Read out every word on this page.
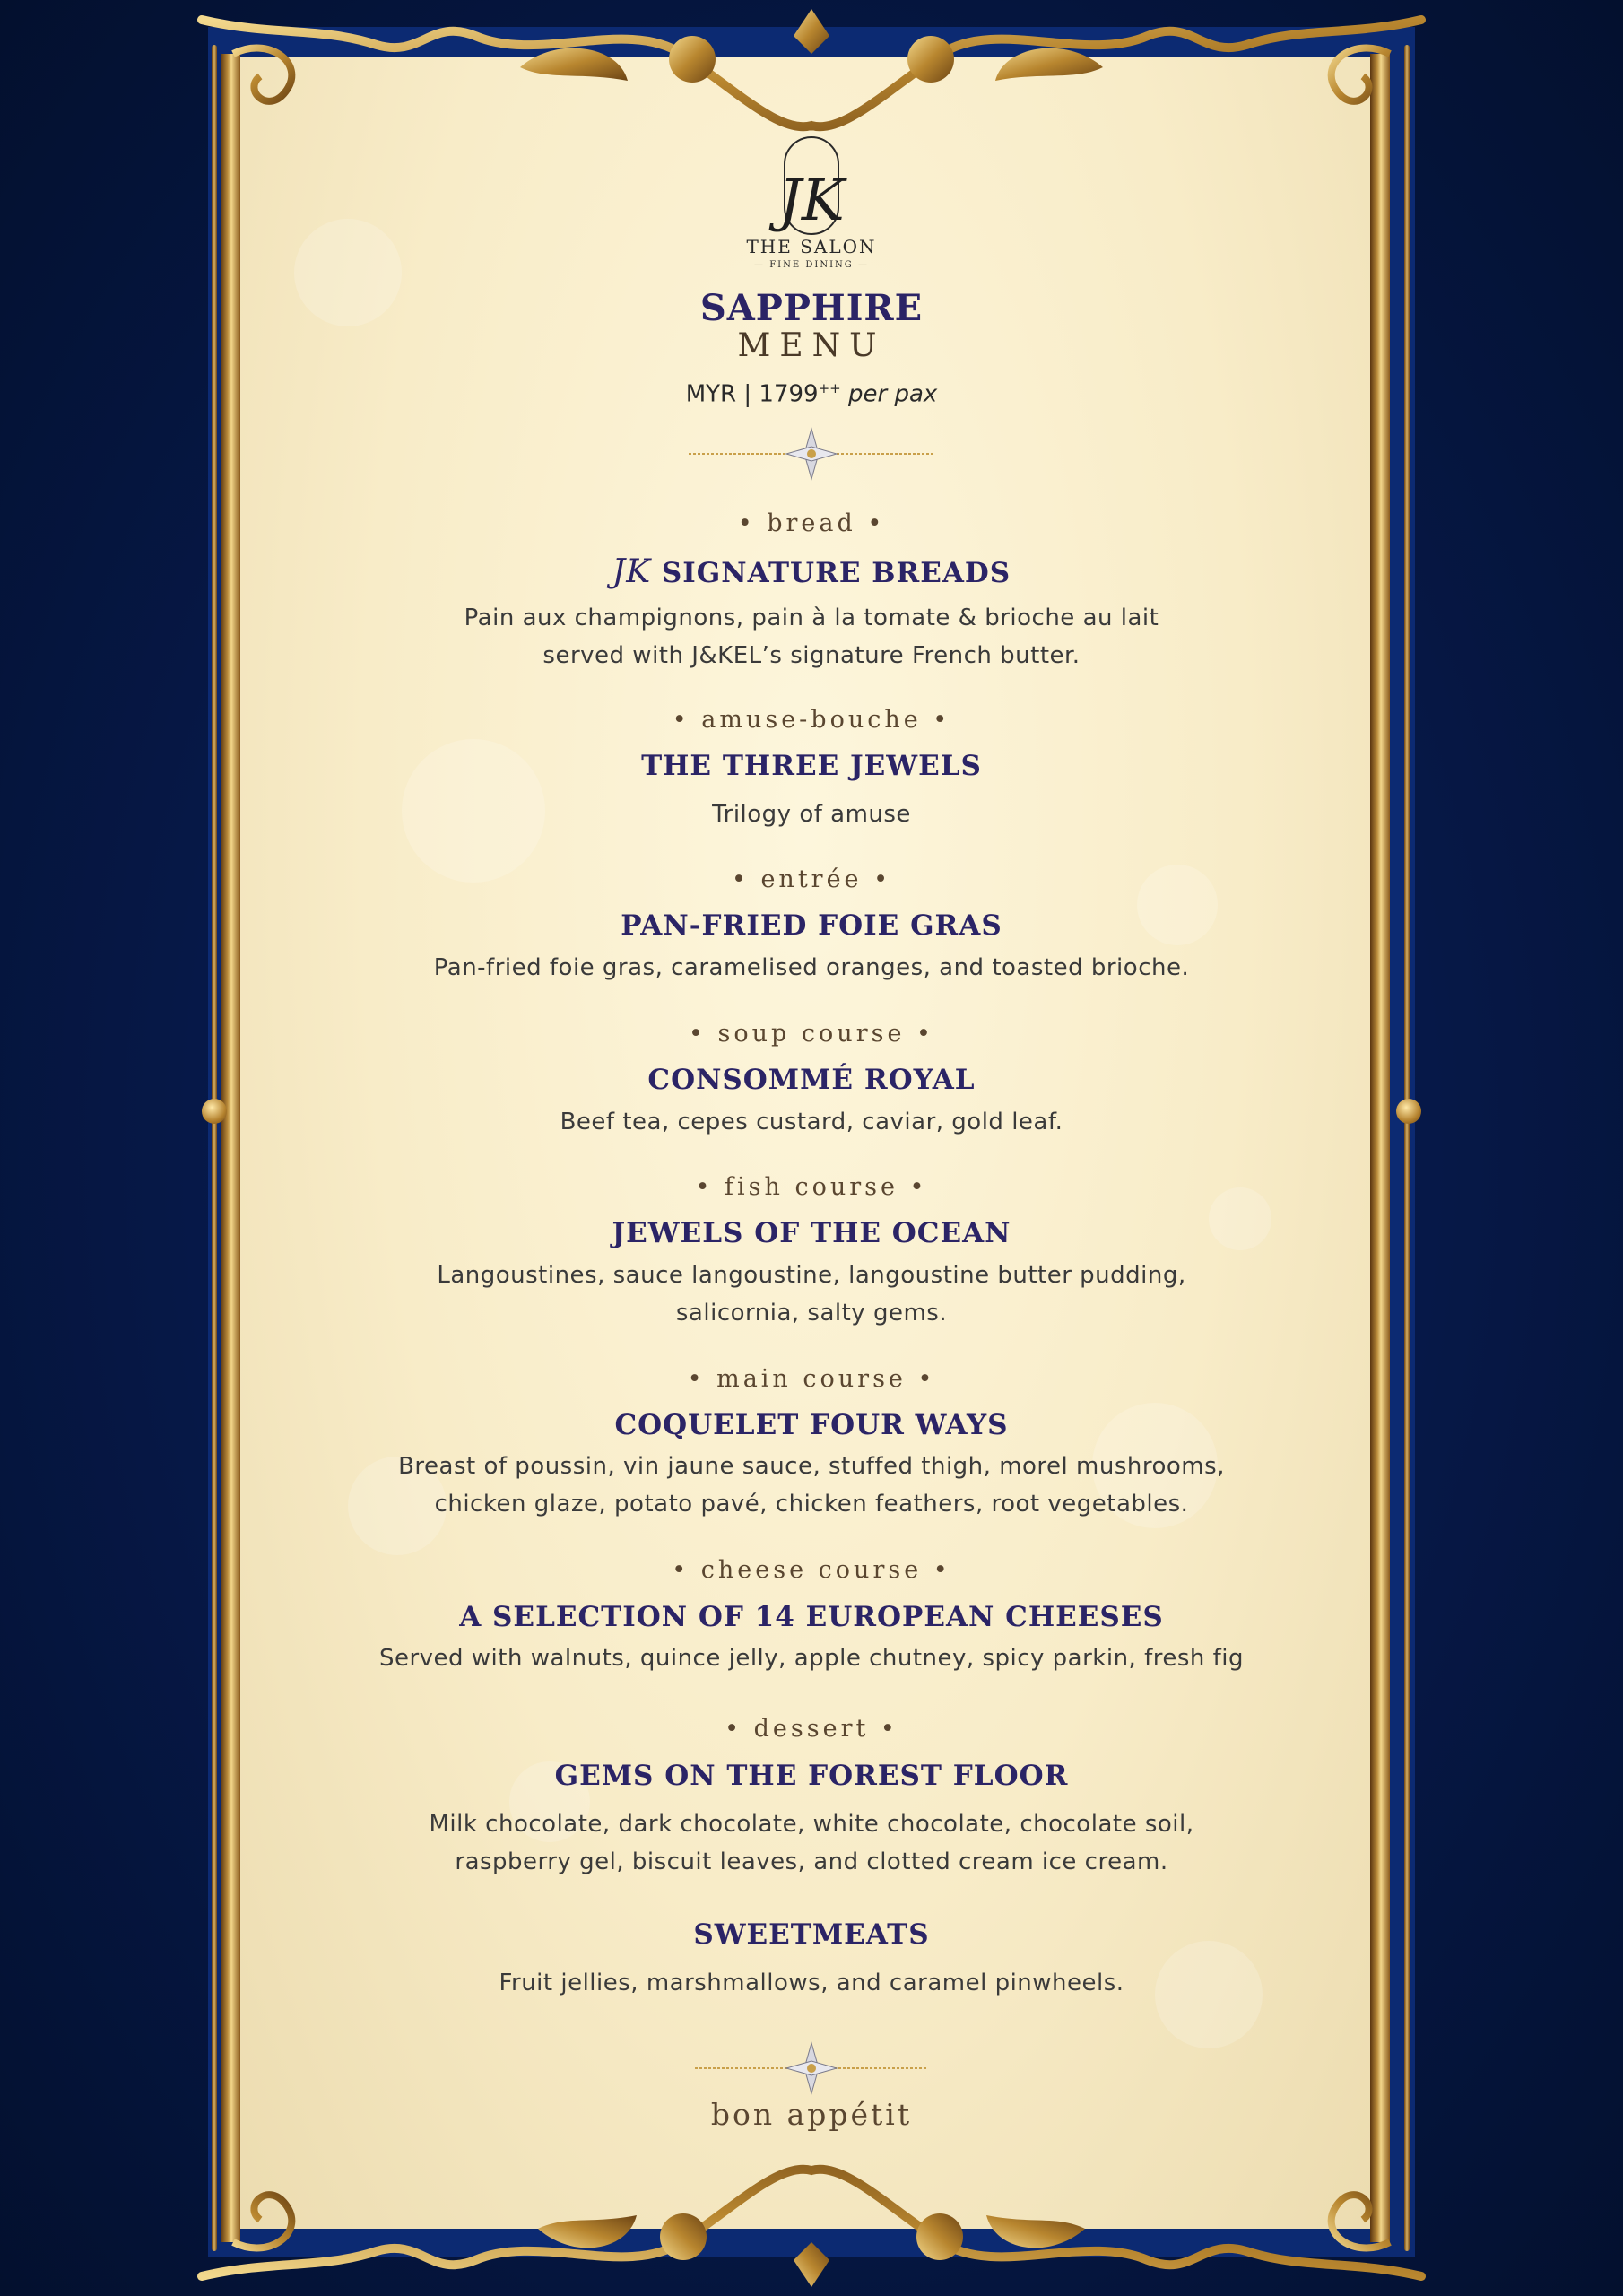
JK
THE SALON
— FINE DINING —
SAPPHIRE
MENU
MYR | 1799++ per pax
• bread •
JK SIGNATURE BREADS
Pain aux champignons, pain à la tomate & brioche au lait
served with J&KEL’s signature French butter.
• amuse-bouche •
THE THREE JEWELS
Trilogy of amuse
• entrée •
PAN-FRIED FOIE GRAS
Pan-fried foie gras, caramelised oranges, and toasted brioche.
• soup course •
CONSOMMÉ ROYAL
Beef tea, cepes custard, caviar, gold leaf.
• fish course •
JEWELS OF THE OCEAN
Langoustines, sauce langoustine, langoustine butter pudding,
salicornia, salty gems.
• main course •
COQUELET FOUR WAYS
Breast of poussin, vin jaune sauce, stuffed thigh, morel mushrooms,
chicken glaze, potato pavé, chicken feathers, root vegetables.
• cheese course •
A SELECTION OF 14 EUROPEAN CHEESES
Served with walnuts, quince jelly, apple chutney, spicy parkin, fresh fig
• dessert •
GEMS ON THE FOREST FLOOR
Milk chocolate, dark chocolate, white chocolate, chocolate soil,
raspberry gel, biscuit leaves, and clotted cream ice cream.
SWEETMEATS
Fruit jellies, marshmallows, and caramel pinwheels.
bon appétit
